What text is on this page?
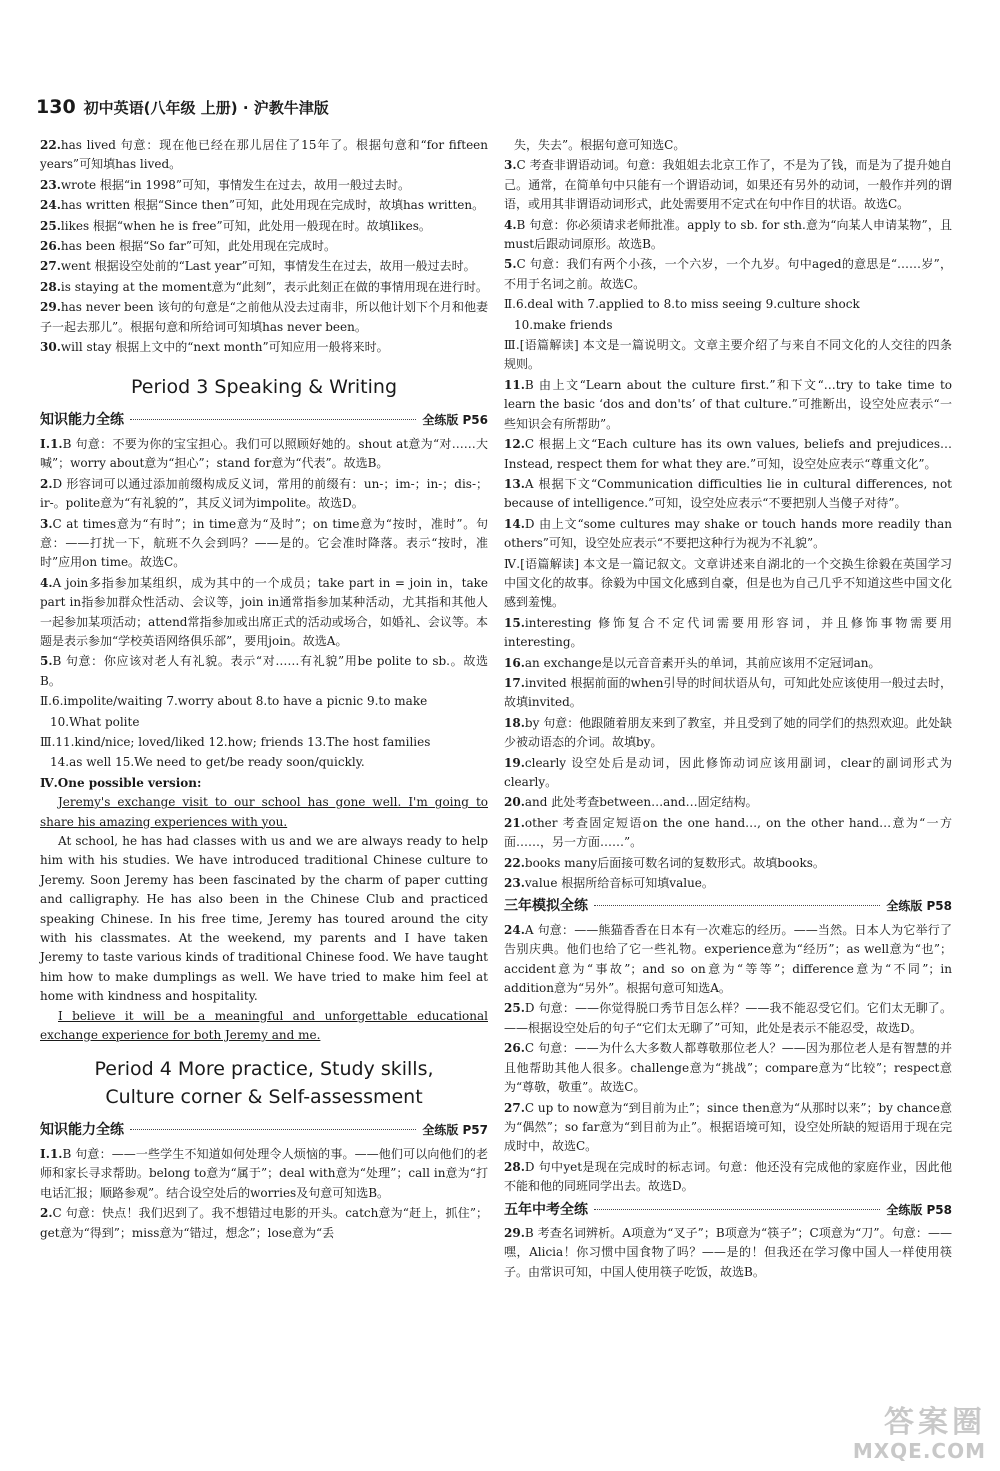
130 初中英语(八年级 上册) · 沪教牛津版
22.has lived 句意：现在他已经在那儿居住了15年了。根据句意和“for fifteen years”可知填has lived。
23.wrote 根据“in 1998”可知，事情发生在过去，故用一般过去时。
24.has written 根据“Since then”可知，此处用现在完成时，故填has written。
25.likes 根据“when he is free”可知，此处用一般现在时。故填likes。
26.has been 根据“So far”可知，此处用现在完成时。
27.went 根据设空处前的“Last year”可知，事情发生在过去，故用一般过去时。
28.is staying at the moment意为“此刻”，表示此刻正在做的事情用现在进行时。
29.has never been 该句的句意是“之前他从没去过南非，所以他计划下个月和他妻子一起去那儿”。根据句意和所给词可知填has never been。
30.will stay 根据上文中的“next month”可知应用一般将来时。
Period 3 Speaking & Writing
知识能力全练	全练版 P56
Ⅰ.1.B 句意：不要为你的宝宝担心。我们可以照顾好她的。shout at意为“对……大喊”；worry about意为“担心”；stand for意为“代表”。故选B。
2.D 形容词可以通过添加前缀构成反义词，常用的前缀有：un-；im-；in-；dis-；ir-。polite意为“有礼貌的”，其反义词为impolite。故选D。
3.C at times意为“有时”；in time意为“及时”；on time意为“按时，准时”。句意：——打扰一下，航班不久会到吗？——是的。它会准时降落。表示“按时，准时”应用on time。故选C。
4.A join多指参加某组织，成为其中的一个成员；take part in = join in，take part in指参加群众性活动、会议等，join in通常指参加某种活动，尤其指和其他人一起参加某项活动；attend常指参加或出席正式的活动或场合，如婚礼、会议等。本题是表示参加“学校英语网络俱乐部”，要用join。故选A。
5.B 句意：你应该对老人有礼貌。表示“对……有礼貌”用be polite to sb.。故选B。
Ⅱ.6.impolite/waiting 7.worry about 8.to have a picnic 9.to make
10.What polite
Ⅲ.11.kind/nice; loved/liked 12.how; friends 13.The host families
14.as well 15.We need to get/be ready soon/quickly.
Ⅳ.One possible version:

Jeremy's exchange visit to our school has gone well. I'm going to share his amazing experiences with you.

At school, he has had classes with us and we are always ready to help him with his studies. We have introduced traditional Chinese culture to Jeremy. Soon Jeremy has been fascinated by the charm of paper cutting and calligraphy. He has also been in the Chinese Club and practiced speaking Chinese. In his free time, Jeremy has toured around the city with his classmates. At the weekend, my parents and I have taken Jeremy to taste various kinds of traditional Chinese food. We have taught him how to make dumplings as well. We have tried to make him feel at home with kindness and hospitality.

I believe it will be a meaningful and unforgettable educational exchange experience for both Jeremy and me.

Period 4 More practice, Study skills,
Culture corner & Self-assessment
知识能力全练	全练版 P57
Ⅰ.1.B 句意：——一些学生不知道如何处理令人烦恼的事。——他们可以向他们的老师和家长寻求帮助。belong to意为“属于”；deal with意为“处理”；call in意为“打电话汇报；顺路参观”。结合设空处后的worries及句意可知选B。
2.C 句意：快点！我们迟到了。我不想错过电影的开头。catch意为“赶上，抓住”；get意为“得到”；miss意为“错过，想念”；lose意为“丢
失，失去”。根据句意可知选C。
3.C 考查非谓语动词。句意：我姐姐去北京工作了，不是为了钱，而是为了提升她自己。通常，在简单句中只能有一个谓语动词，如果还有另外的动词，一般作并列的谓语，或用其非谓语动词形式，此处需要用不定式在句中作目的状语。故选C。
4.B 句意：你必须请求老师批准。apply to sb. for sth.意为“向某人申请某物”，且must后跟动词原形。故选B。
5.C 句意：我们有两个小孩，一个六岁，一个九岁。句中aged的意思是“……岁”，不用于名词之前。故选C。
Ⅱ.6.deal with 7.applied to 8.to miss seeing 9.culture shock
10.make friends
Ⅲ.[语篇解读] 本文是一篇说明文。文章主要介绍了与来自不同文化的人交往的四条规则。
11.B 由上文“Learn about the culture first.”和下文“…try to take time to learn the basic ‘dos and don'ts’ of that culture.”可推断出，设空处应表示“一些知识会有所帮助”。
12.C 根据上文“Each culture has its own values, beliefs and prejudices… Instead, respect them for what they are.”可知，设空处应表示“尊重文化”。
13.A 根据下文“Communication difficulties lie in cultural differences, not because of intelligence.”可知，设空处应表示“不要把别人当傻子对待”。
14.D 由上文“some cultures may shake or touch hands more readily than others”可知，设空处应表示“不要把这种行为视为不礼貌”。
Ⅳ.[语篇解读] 本文是一篇记叙文。文章讲述来自湖北的一个交换生徐毅在英国学习中国文化的故事。徐毅为中国文化感到自豪，但是也为自己几乎不知道这些中国文化感到羞愧。
15.interesting 修饰复合不定代词需要用形容词，并且修饰事物需要用interesting。
16.an exchange是以元音音素开头的单词，其前应该用不定冠词an。
17.invited 根据前面的when引导的时间状语从句，可知此处应该使用一般过去时，故填invited。
18.by 句意：他跟随着朋友来到了教室，并且受到了她的同学们的热烈欢迎。此处缺少被动语态的介词。故填by。
19.clearly 设空处后是动词，因此修饰动词应该用副词，clear的副词形式为clearly。
20.and 此处考查between…and…固定结构。
21.other 考查固定短语on the one hand…, on the other hand…意为“一方面……，另一方面……”。
22.books many后面接可数名词的复数形式。故填books。
23.value 根据所给音标可知填value。
三年模拟全练	全练版 P58
24.A 句意：——熊猫香香在日本有一次难忘的经历。——当然。日本人为它举行了告别庆典。他们也给了它一些礼物。experience意为“经历”；as well意为“也”；accident意为“事故”；and so on意为“等等”；difference意为“不同”；in addition意为“另外”。根据句意可知选A。
25.D 句意：——你觉得脱口秀节目怎么样？——我不能忍受它们。它们太无聊了。——根据设空处后的句子“它们太无聊了”可知，此处是表示不能忍受，故选D。
26.C 句意：——为什么大多数人都尊敬那位老人？——因为那位老人是有智慧的并且他帮助其他人很多。challenge意为“挑战”；compare意为“比较”；respect意为“尊敬，敬重”。故选C。
27.C up to now意为“到目前为止”；since then意为“从那时以来”；by chance意为“偶然”；so far意为“到目前为止”。根据语境可知，设空处所缺的短语用于现在完成时中，故选C。
28.D 句中yet是现在完成时的标志词。句意：他还没有完成他的家庭作业，因此他不能和他的同班同学出去。故选D。
五年中考全练	全练版 P58
29.B 考查名词辨析。A项意为“叉子”；B项意为“筷子”；C项意为“刀”。句意：——嘿，Alicia！你习惯中国食物了吗？——是的！但我还在学习像中国人一样使用筷子。由常识可知，中国人使用筷子吃饭，故选B。
答案圈
MXQE.COM
